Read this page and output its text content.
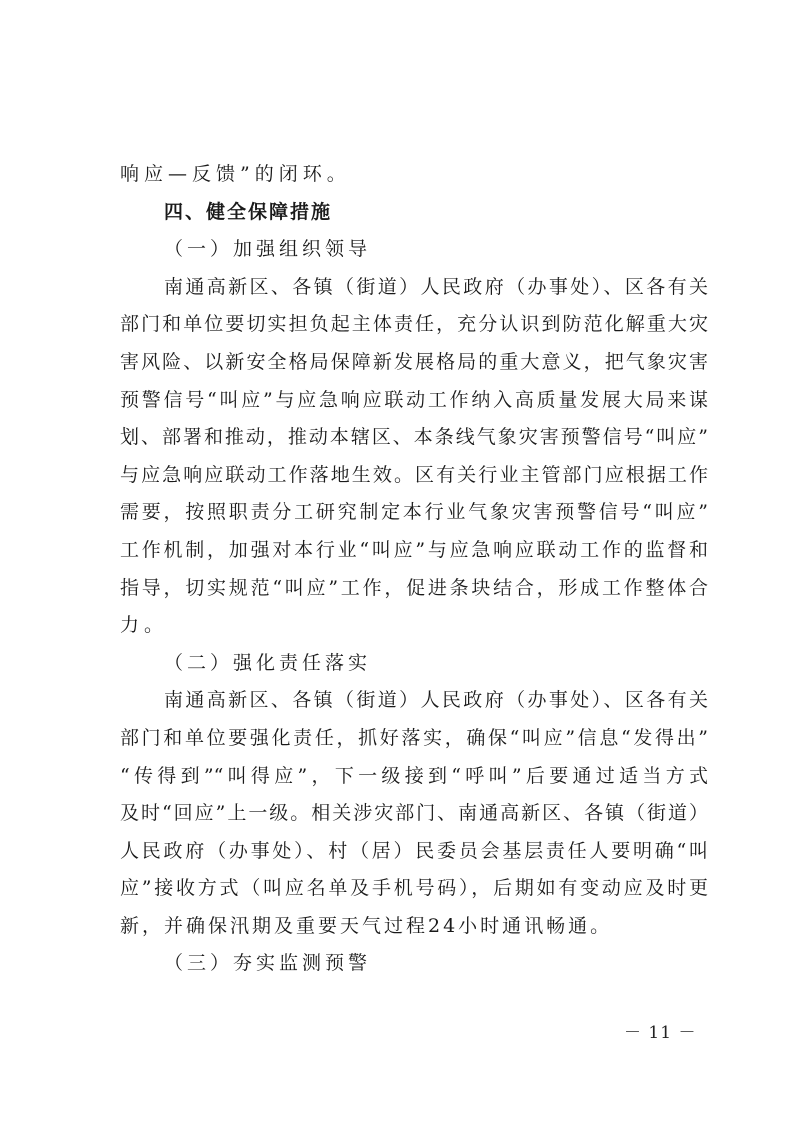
响应—反馈”的闭环。
四、健全保障措施
（一）加强组织领导
南通高新区、各镇（街道）人民政府（办事处）、区各有关
部门和单位要切实担负起主体责任，充分认识到防范化解重大灾
害风险、以新安全格局保障新发展格局的重大意义，把气象灾害
预警信号“叫应”与应急响应联动工作纳入高质量发展大局来谋
划、部署和推动，推动本辖区、本条线气象灾害预警信号“叫应”
与应急响应联动工作落地生效。区有关行业主管部门应根据工作
需要，按照职责分工研究制定本行业气象灾害预警信号“叫应”
工作机制，加强对本行业“叫应”与应急响应联动工作的监督和
指导，切实规范“叫应”工作，促进条块结合，形成工作整体合
力。
（二）强化责任落实
南通高新区、各镇（街道）人民政府（办事处）、区各有关
部门和单位要强化责任，抓好落实，确保“叫应”信息“发得出”
“传得到”“叫得应”，下一级接到“呼叫”后要通过适当方式
及时“回应”上一级。相关涉灾部门、南通高新区、各镇（街道）
人民政府（办事处）、村（居）民委员会基层责任人要明确“叫
应”接收方式（叫应名单及手机号码），后期如有变动应及时更
新，并确保汛期及重要天气过程24小时通讯畅通。
（三）夯实监测预警
－ 11 －
